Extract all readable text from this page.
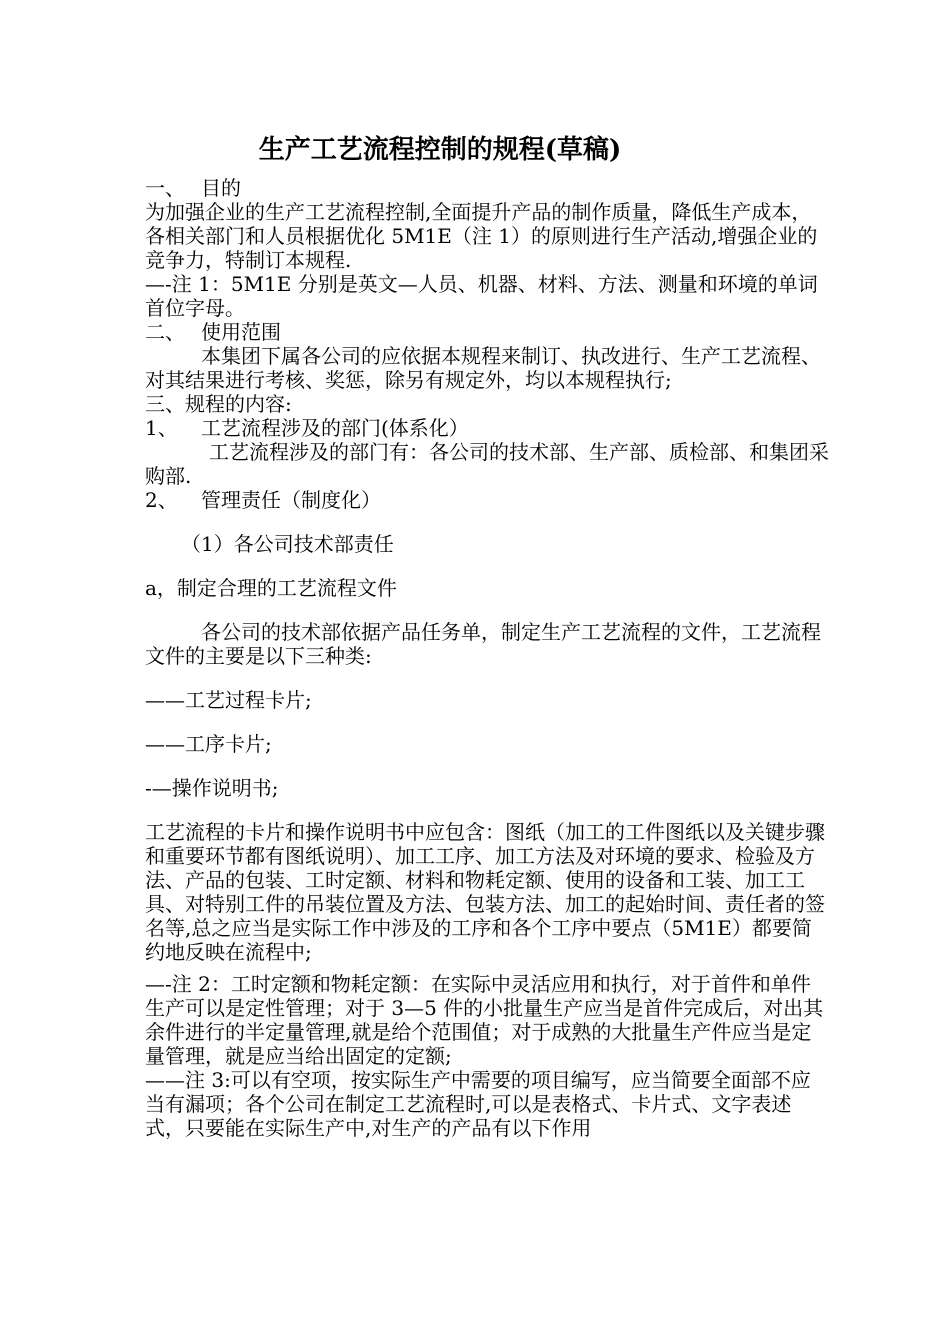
生产工艺流程控制的规程(草稿)

一、 目的

为加强企业的生产工艺流程控制,全面提升产品的制作质量，降低生产成本，各相关部门和人员根据优化 5M1E（注 1）的原则进行生产活动,增强企业的竞争力，特制订本规程.

—-注 1：5M1E 分别是英文—人员、机器、材料、方法、测量和环境的单词首位字母。

二、 使用范围

本集团下属各公司的应依据本规程来制订、执改进行、生产工艺流程、对其结果进行考核、奖惩，除另有规定外，均以本规程执行;

三、规程的内容:

1、 工艺流程涉及的部门(体系化）

工艺流程涉及的部门有：各公司的技术部、生产部、质检部、和集团采购部.

2、 管理责任（制度化）

（1）各公司技术部责任

a，制定合理的工艺流程文件

各公司的技术部依据产品任务单，制定生产工艺流程的文件，工艺流程文件的主要是以下三种类:

——工艺过程卡片;

——工序卡片;

-—操作说明书;

工艺流程的卡片和操作说明书中应包含：图纸（加工的工件图纸以及关键步骤和重要环节都有图纸说明）、加工工序、加工方法及对环境的要求、检验及方法、产品的包装、工时定额、材料和物耗定额、使用的设备和工装、加工工具、对特别工件的吊装位置及方法、包装方法、加工的起始时间、责任者的签名等,总之应当是实际工作中涉及的工序和各个工序中要点（5M1E）都要简约地反映在流程中;

—-注 2：工时定额和物耗定额：在实际中灵活应用和执行，对于首件和单件生产可以是定性管理；对于 3—5 件的小批量生产应当是首件完成后，对出其余件进行的半定量管理,就是给个范围值；对于成熟的大批量生产件应当是定量管理，就是应当给出固定的定额;

——注 3:可以有空项，按实际生产中需要的项目编写，应当简要全面部不应当有漏项；各个公司在制定工艺流程时,可以是表格式、卡片式、文字表述式，只要能在实际生产中,对生产的产品有以下作用
